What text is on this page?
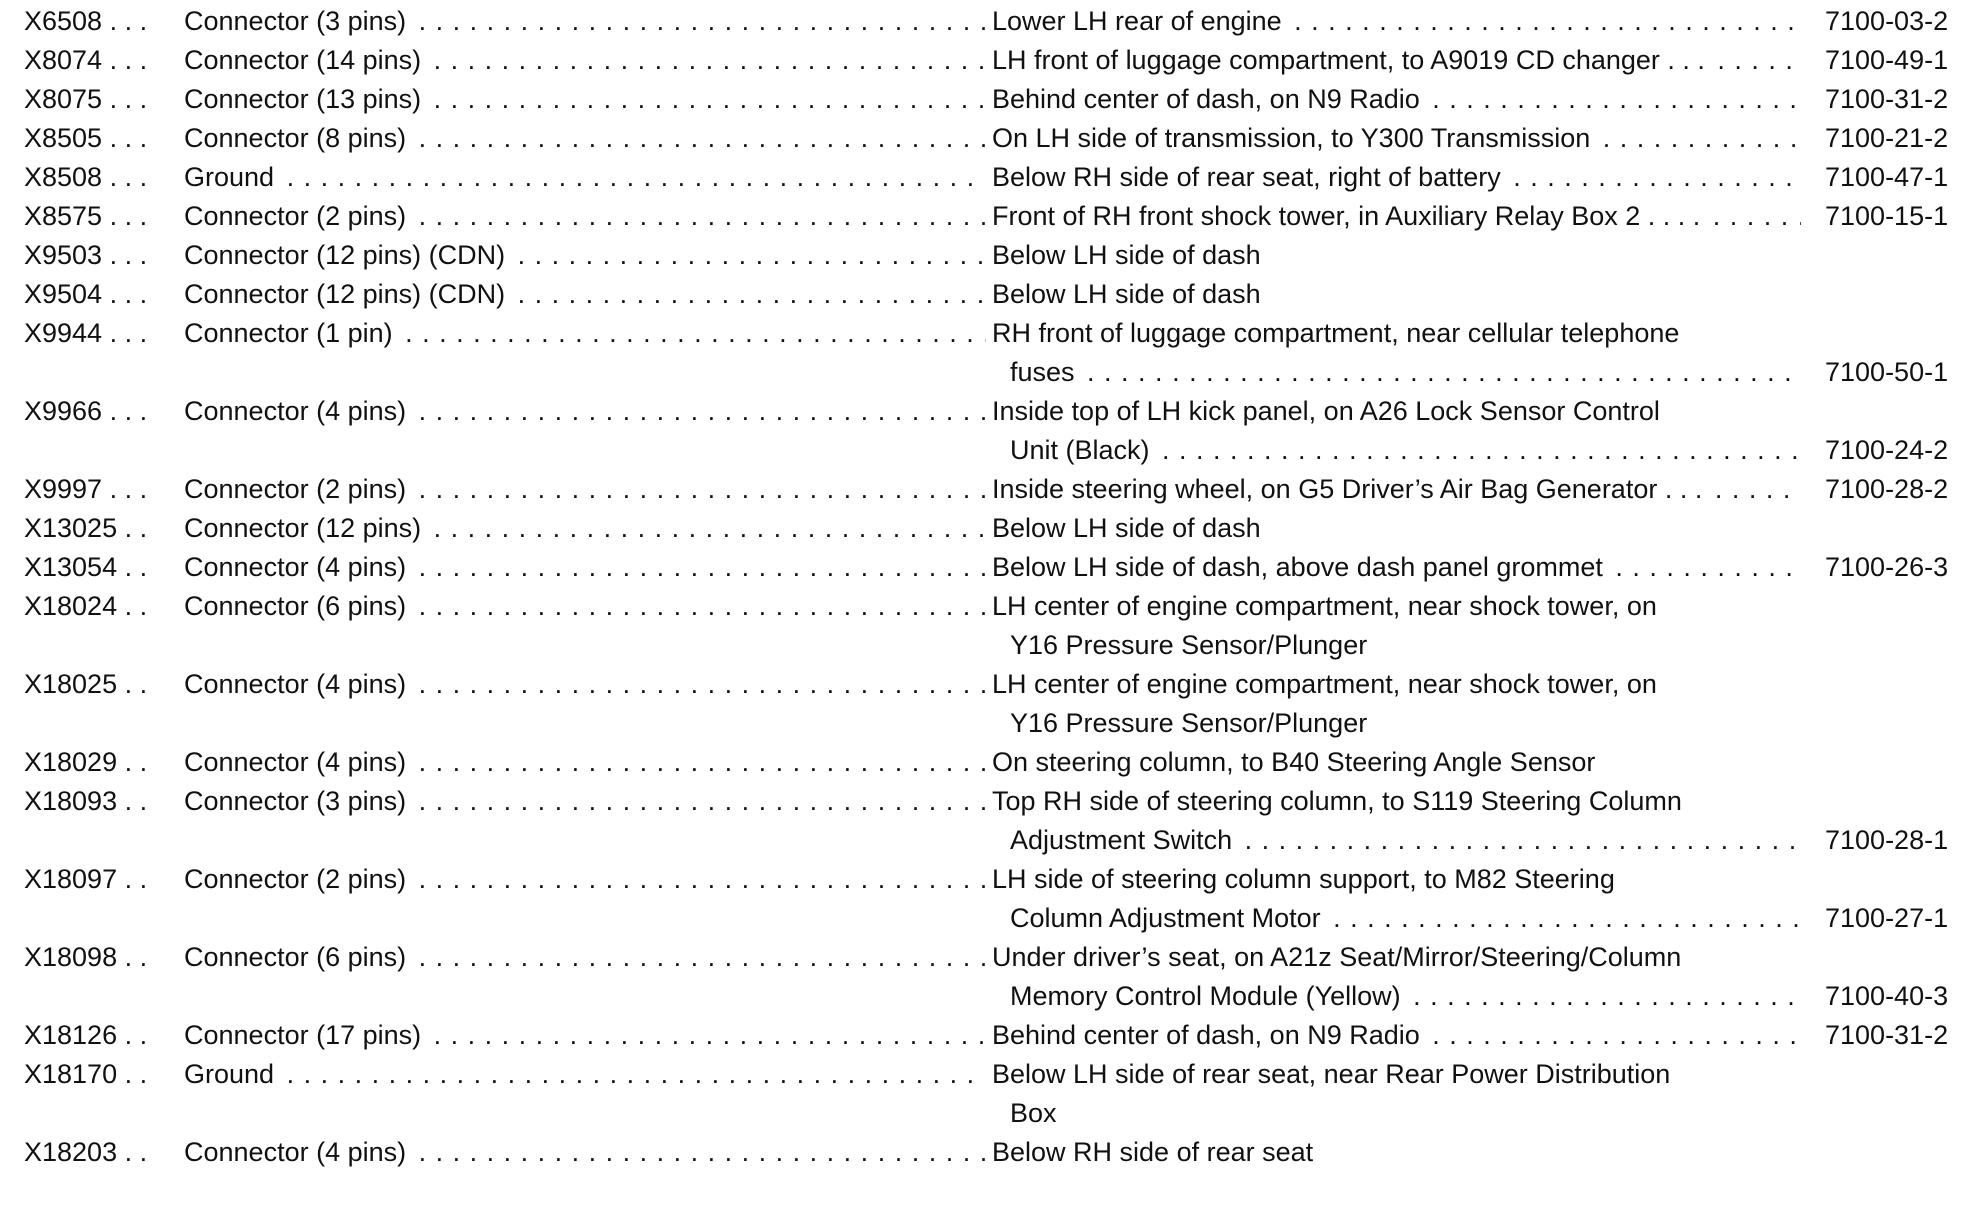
X6508 . . . Connector (3 pins) . . .	Lower LH rear of engine . . .	7100-03-2
X8074 . . . Connector (14 pins) . . .	LH front of luggage compartment, to A9019 CD changer . . . . . .	7100-49-1
X8075 . . . Connector (13 pins) . . .	Behind center of dash, on N9 Radio . . .	7100-31-2
X8505 . . . Connector (8 pins) . . .	On LH side of transmission, to Y300 Transmission . . .	7100-21-2
X8508 . . . Ground . . .	Below RH side of rear seat, right of battery . . .	7100-47-1
X8575 . . . Connector (2 pins) . . .	Front of RH front shock tower, in Auxiliary Relay Box 2 . . . . . . .	7100-15-1
X9503 . . . Connector (12 pins) (CDN) . . .	Below LH side of dash
X9504 . . . Connector (12 pins) (CDN) . . .	Below LH side of dash
X9944 . . . Connector (1 pin) . . .	RH front of luggage compartment, near cellular telephone
fuses . . .	7100-50-1
X9966 . . . Connector (4 pins) . . .	Inside top of LH kick panel, on A26 Lock Sensor Control
Unit (Black) . . .	7100-24-2
X9997 . . . Connector (2 pins) . . .	Inside steering wheel, on G5 Driver’s Air Bag Generator . . . . . .	7100-28-2
X13025 . . Connector (12 pins) . . .	Below LH side of dash
X13054 . . Connector (4 pins) . . .	Below LH side of dash, above dash panel grommet . . .	7100-26-3
X18024 . . Connector (6 pins) . . .	LH center of engine compartment, near shock tower, on
Y16 Pressure Sensor/Plunger
X18025 . . Connector (4 pins) . . .	LH center of engine compartment, near shock tower, on
Y16 Pressure Sensor/Plunger
X18029 . . Connector (4 pins) . . .	On steering column, to B40 Steering Angle Sensor
X18093 . . Connector (3 pins) . . .	Top RH side of steering column, to S119 Steering Column
Adjustment Switch . . .	7100-28-1
X18097 . . Connector (2 pins) . . .	LH side of steering column support, to M82 Steering
Column Adjustment Motor . . .	7100-27-1
X18098 . . Connector (6 pins) . . .	Under driver’s seat, on A21z Seat/Mirror/Steering/Column
Memory Control Module (Yellow) . . .	7100-40-3
X18126 . . Connector (17 pins) . . .	Behind center of dash, on N9 Radio . . .	7100-31-2
X18170 . . Ground . . .	Below LH side of rear seat, near Rear Power Distribution
Box
X18203 . . Connector (4 pins) . . .	Below RH side of rear seat
